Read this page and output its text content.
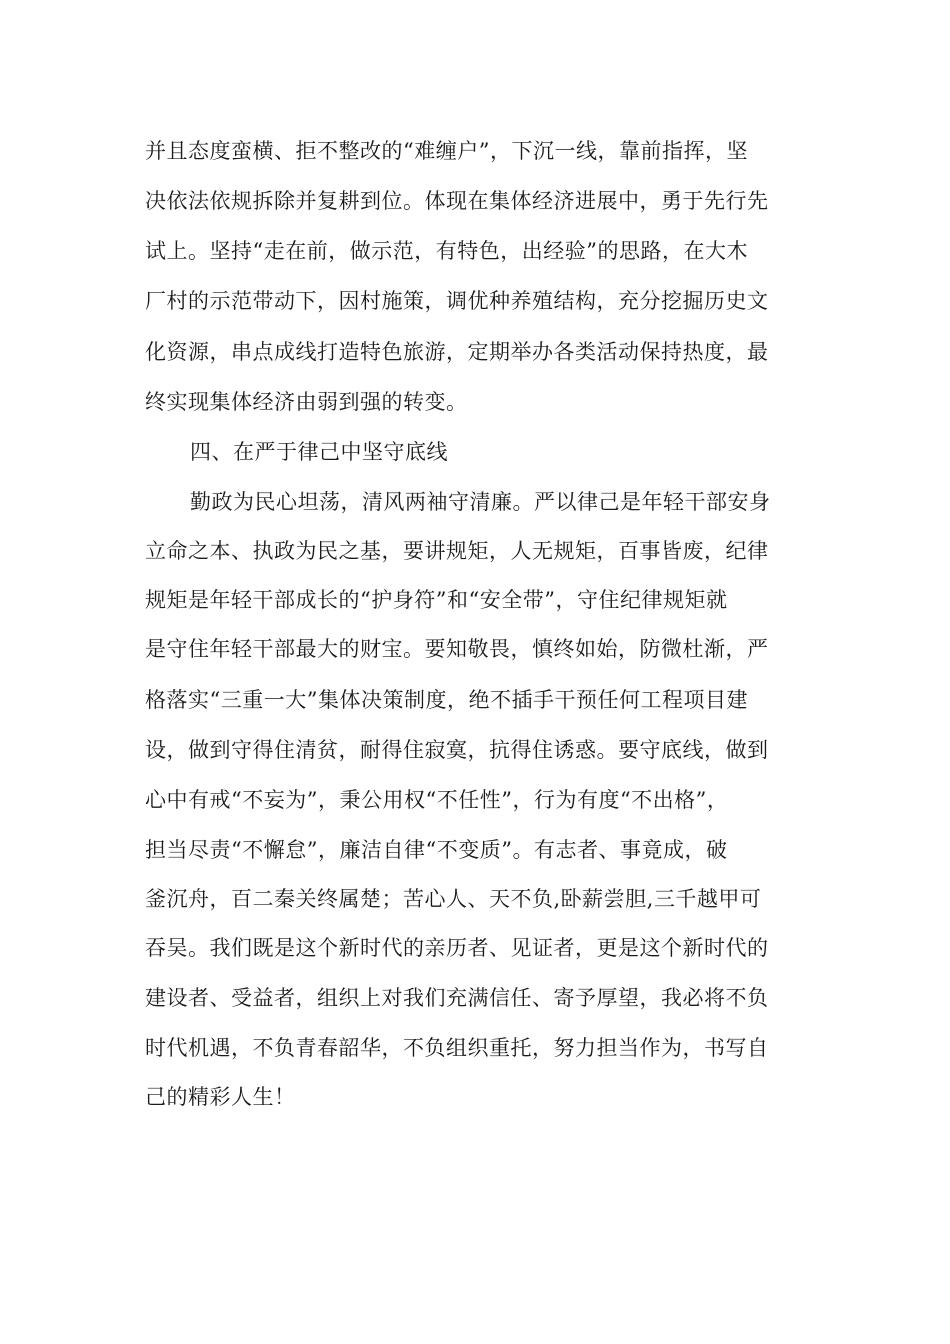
并且态度蛮横、拒不整改的“难缠户”，下沉一线，靠前指挥，坚
决依法依规拆除并复耕到位。体现在集体经济进展中，勇于先行先
试上。坚持“走在前，做示范，有特色，出经验”的思路，在大木
厂村的示范带动下，因村施策，调优种养殖结构，充分挖掘历史文
化资源，串点成线打造特色旅游，定期举办各类活动保持热度，最
终实现集体经济由弱到强的转变。
四、在严于律己中坚守底线
勤政为民心坦荡，清风两袖守清廉。严以律己是年轻干部安身
立命之本、执政为民之基，要讲规矩，人无规矩，百事皆废，纪律
规矩是年轻干部成长的“护身符”和“安全带”，守住纪律规矩就
是守住年轻干部最大的财宝。要知敬畏，慎终如始，防微杜渐，严
格落实“三重一大”集体决策制度，绝不插手干预任何工程项目建
设，做到守得住清贫，耐得住寂寞，抗得住诱惑。要守底线，做到
心中有戒“不妄为”，秉公用权“不任性”，行为有度“不出格”，
担当尽责“不懈怠”，廉洁自律“不变质”。有志者、事竟成，破
釜沉舟，百二秦关终属楚；苦心人、天不负,卧薪尝胆,三千越甲可
吞吴。我们既是这个新时代的亲历者、见证者，更是这个新时代的
建设者、受益者，组织上对我们充满信任、寄予厚望，我必将不负
时代机遇，不负青春韶华，不负组织重托，努力担当作为，书写自
己的精彩人生！
